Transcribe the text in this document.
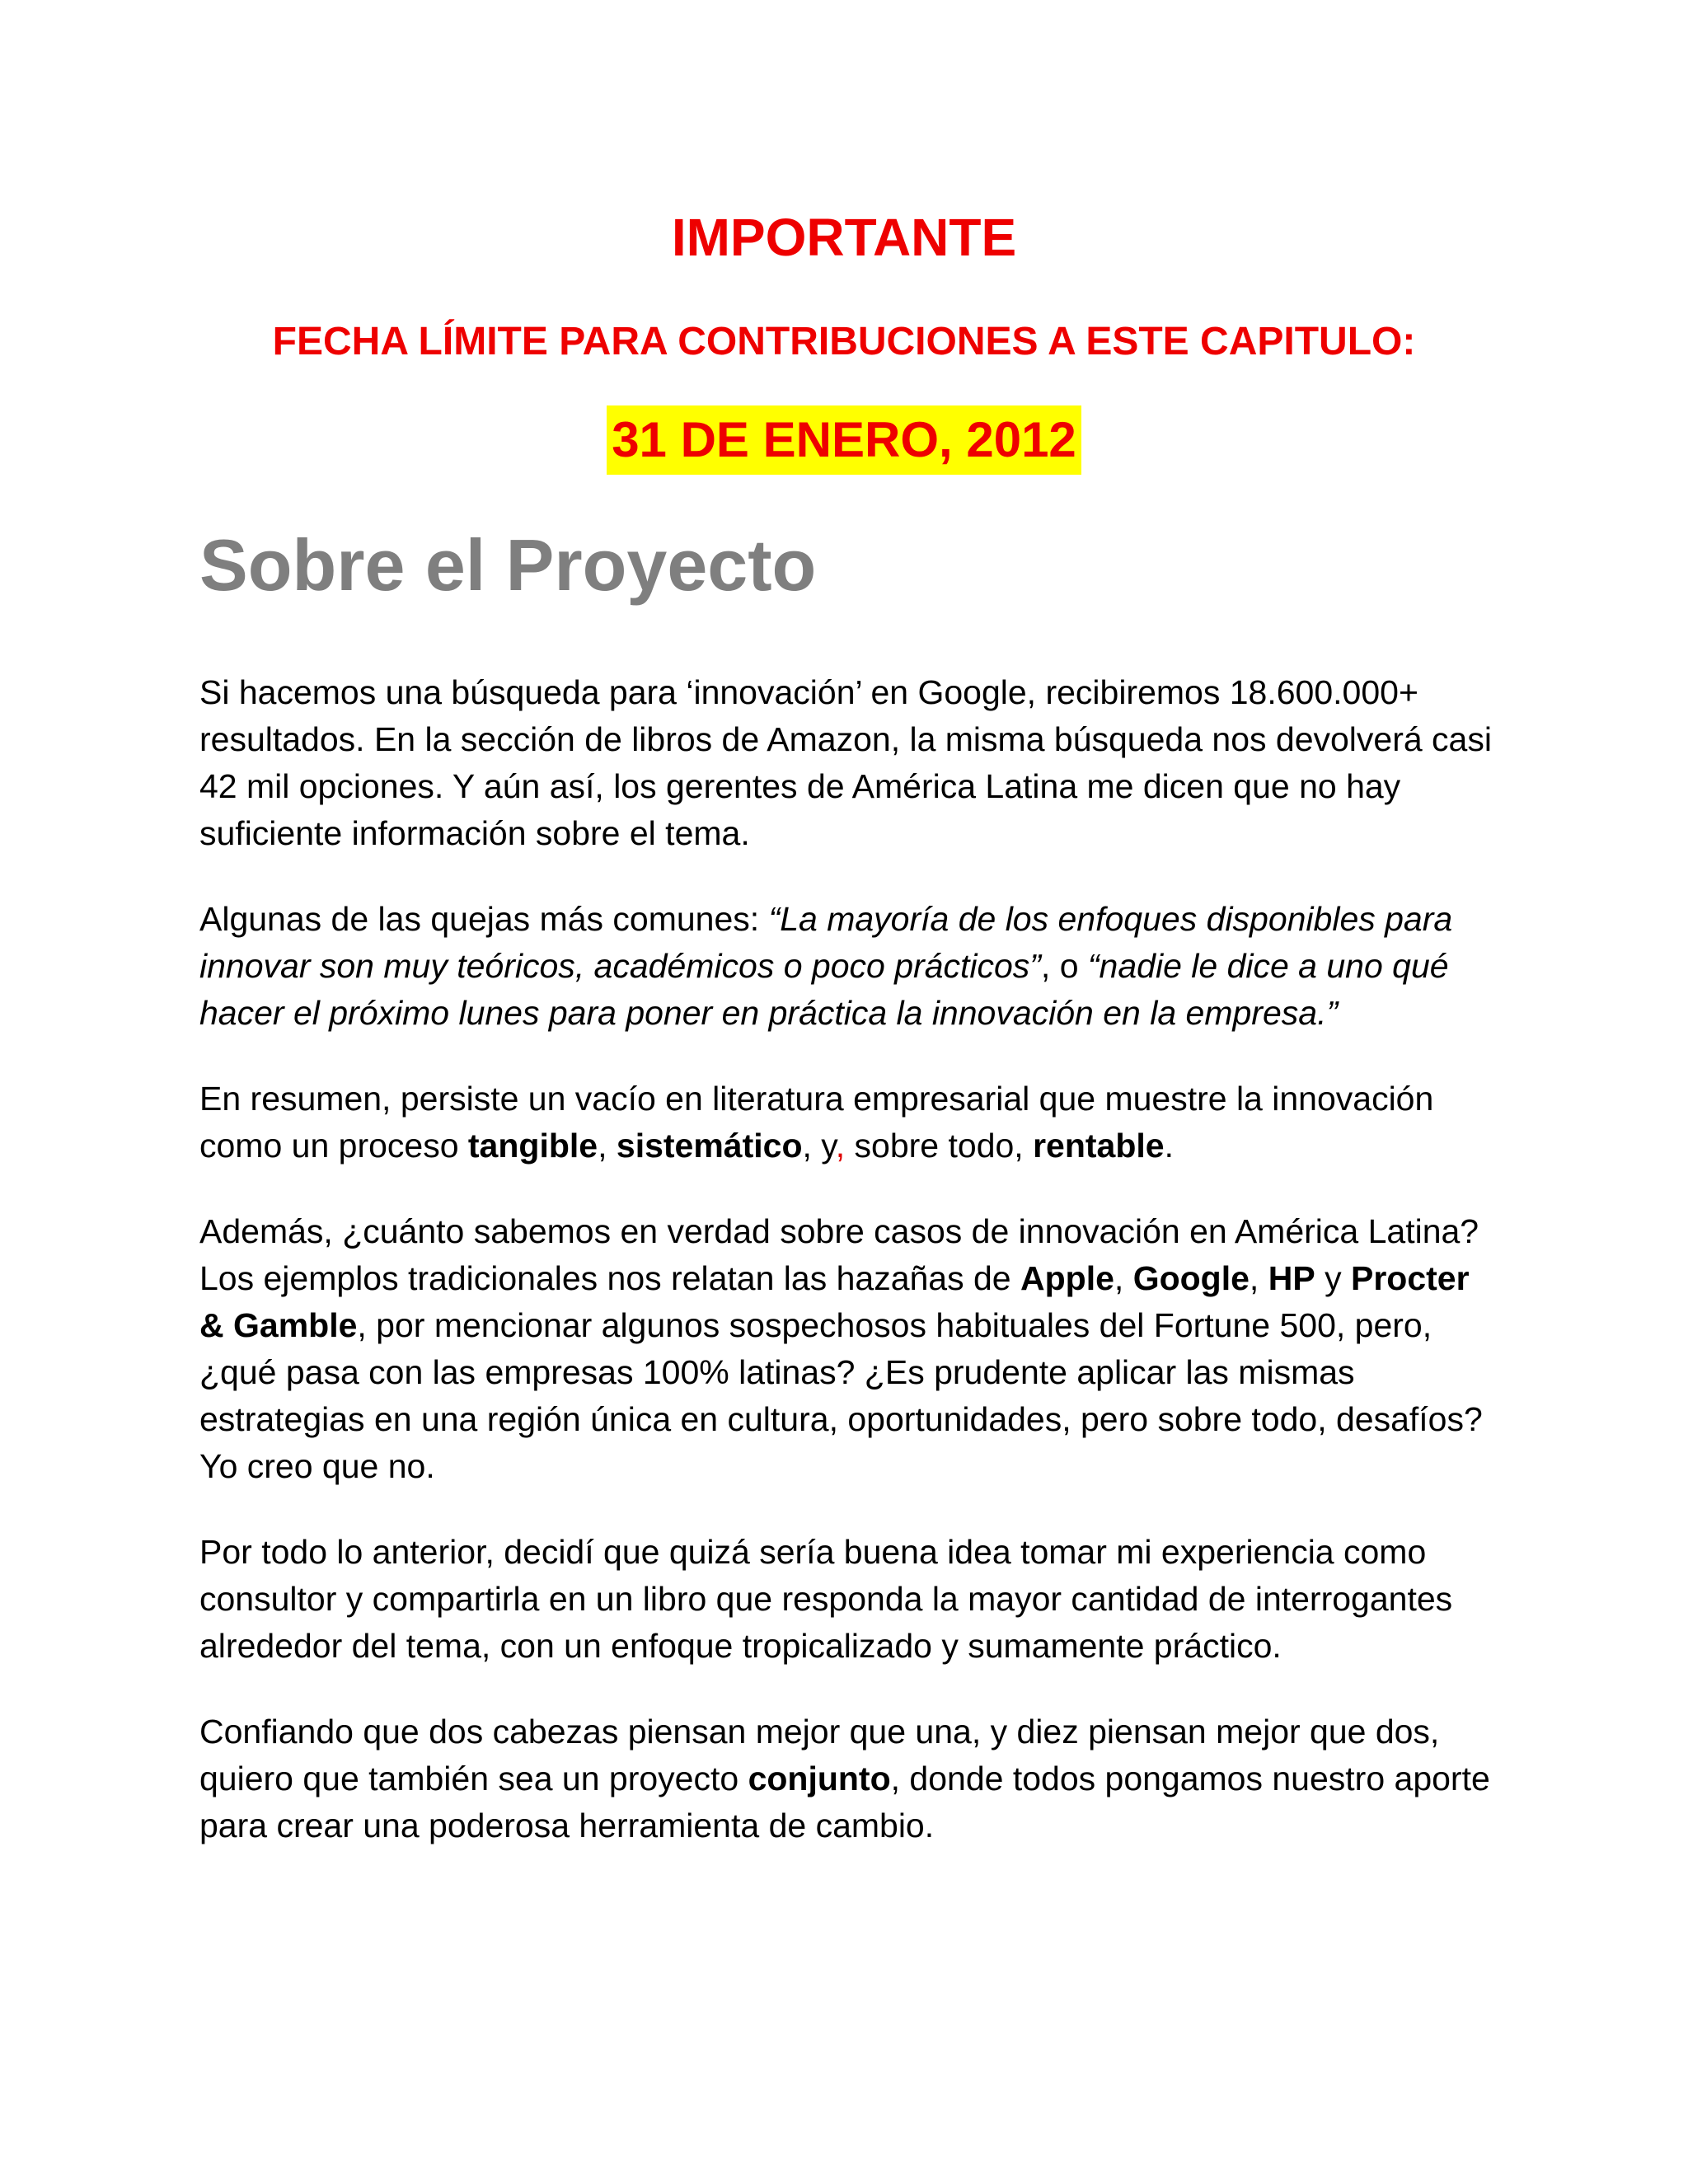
IMPORTANTE
FECHA LÍMITE PARA CONTRIBUCIONES A ESTE CAPITULO:
31 DE ENERO, 2012
Sobre el Proyecto

Si hacemos una búsqueda para ‘innovación’ en Google, recibiremos 18.600.000+ resultados. En la sección de libros de Amazon, la misma búsqueda nos devolverá casi 42 mil opciones. Y aún así, los gerentes de América Latina me dicen que no hay suficiente información sobre el tema.

Algunas de las quejas más comunes: “La mayoría de los enfoques disponibles para innovar son muy teóricos, académicos o poco prácticos”, o “nadie le dice a uno qué hacer el próximo lunes para poner en práctica la innovación en la empresa.”

En resumen, persiste un vacío en literatura empresarial que muestre la innovación como un proceso tangible, sistemático, y, sobre todo, rentable.

Además, ¿cuánto sabemos en verdad sobre casos de innovación en América Latina? Los ejemplos tradicionales nos relatan las hazañas de Apple, Google, HP y Procter & Gamble, por mencionar algunos sospechosos habituales del Fortune 500, pero, ¿qué pasa con las empresas 100% latinas? ¿Es prudente aplicar las mismas estrategias en una región única en cultura, oportunidades, pero sobre todo, desafíos? Yo creo que no.

Por todo lo anterior, decidí que quizá sería buena idea tomar mi experiencia como consultor y compartirla en un libro que responda la mayor cantidad de interrogantes alrededor del tema, con un enfoque tropicalizado y sumamente práctico.

Confiando que dos cabezas piensan mejor que una, y diez piensan mejor que dos, quiero que también sea un proyecto conjunto, donde todos pongamos nuestro aporte para crear una poderosa herramienta de cambio.
